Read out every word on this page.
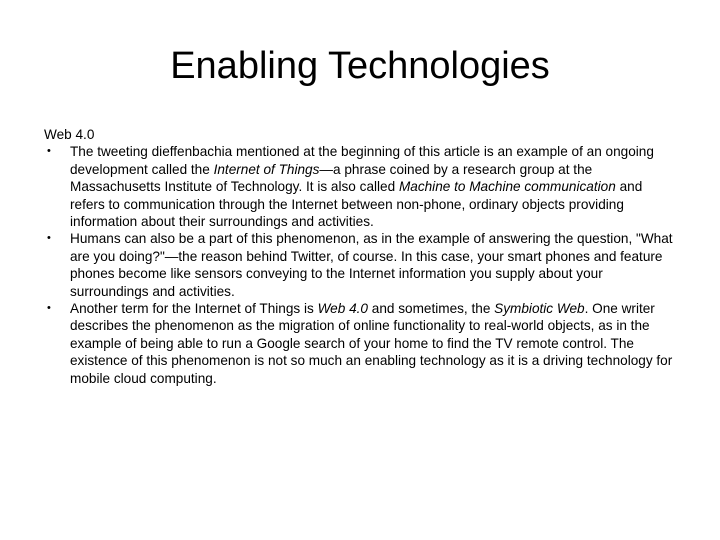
Enabling Technologies
Web 4.0
• The tweeting dieffenbachia mentioned at the beginning of this article is an example of an ongoing development called the Internet of Things—a phrase coined by a research group at the Massachusetts Institute of Technology. It is also called Machine to Machine communication and refers to communication through the Internet between non-phone, ordinary objects providing information about their surroundings and activities.
• Humans can also be a part of this phenomenon, as in the example of answering the question, "What are you doing?"—the reason behind Twitter, of course. In this case, your smart phones and feature phones become like sensors conveying to the Internet information you supply about your surroundings and activities.
• Another term for the Internet of Things is Web 4.0 and sometimes, the Symbiotic Web. One writer describes the phenomenon as the migration of online functionality to real-world objects, as in the example of being able to run a Google search of your home to find the TV remote control. The existence of this phenomenon is not so much an enabling technology as it is a driving technology for mobile cloud computing.
